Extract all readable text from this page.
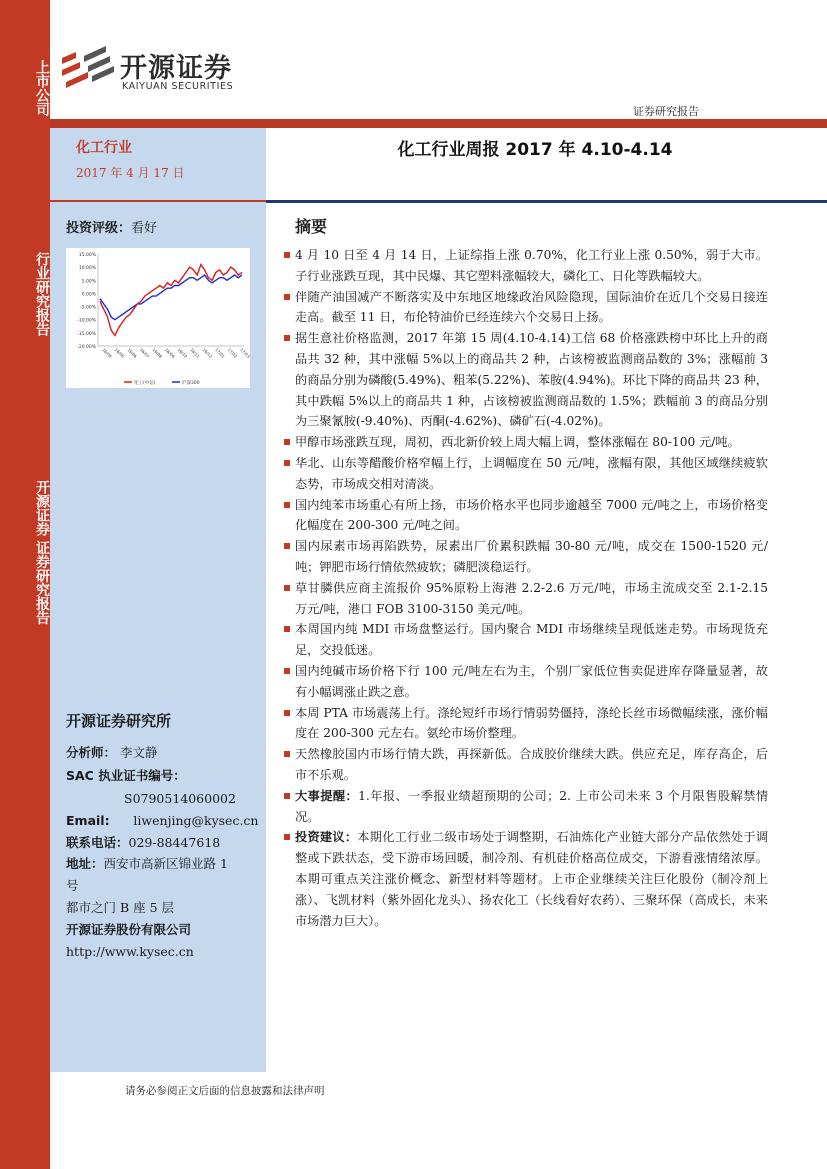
上市公司
行业研究报告
开源证券 证券研究报告
开源证券
KAIYUAN SECURITIES
证券研究报告
化工行业
2017 年 4 月 17 日
投资评级：看好
15.00%
10.00%
5.00%
0.00%
-5.00%
-10.00%
-15.00%
-20.00% 16/04 16/05 16/06 16/07 16/08 16/09 16/10 16/11 16/12 17/01 17/02 17/03
化工(中信)	沪深300
开源证券研究所
分析师： 李文静
SAC 执业证书编号：
S0790514060002
Email: liwenjing@kysec.cn
联系电话：029-88447618
地址：西安市高新区锦业路 1
号
都市之门 B 座 5 层
开源证券股份有限公司
http://www.kysec.cn
化工行业周报 2017 年 4.10-4.14
摘要
4 月 10 日至 4 月 14 日，上证综指上涨 0.70%，化工行业上涨 0.50%，弱于大市。子行业涨跌互现，其中民爆、其它塑料涨幅较大，磷化工、日化等跌幅较大。
伴随产油国减产不断落实及中东地区地缘政治风险隐现，国际油价在近几个交易日接连走高。截至 11 日，布伦特油价已经连续六个交易日上扬。
据生意社价格监测，2017 年第 15 周(4.10-4.14)工信 68 价格涨跌榜中环比上升的商品共 32 种，其中涨幅 5%以上的商品共 2 种，占该榜被监测商品数的 3%；涨幅前 3 的商品分别为磷酸(5.49%)、粗苯(5.22%)、苯胺(4.94%)。环比下降的商品共 23 种，其中跌幅 5%以上的商品共 1 种，占该榜被监测商品数的 1.5%；跌幅前 3 的商品分别为三聚氰胺(-9.40%)、丙酮(-4.62%)、磷矿石(-4.02%)。
甲醇市场涨跌互现，周初，西北新价较上周大幅上调，整体涨幅在 80-100 元/吨。
华北、山东等醋酸价格窄幅上行，上调幅度在 50 元/吨，涨幅有限，其他区域继续疲软态势，市场成交相对清淡。
国内纯苯市场重心有所上扬，市场价格水平也同步逾越至 7000 元/吨之上，市场价格变化幅度在 200-300 元/吨之间。
国内尿素市场再陷跌势，尿素出厂价累积跌幅 30-80 元/吨，成交在 1500-1520 元/吨；钾肥市场行情依然疲软；磷肥淡稳运行。
草甘膦供应商主流报价 95%原粉上海港 2.2-2.6 万元/吨，市场主流成交至 2.1-2.15 万元/吨，港口 FOB 3100-3150 美元/吨。
本周国内纯 MDI 市场盘整运行。国内聚合 MDI 市场继续呈现低迷走势。市场现货充足，交投低迷。
国内纯碱市场价格下行 100 元/吨左右为主，个别厂家低位售卖促进库存降量显著，故有小幅调涨止跌之意。
本周 PTA 市场震荡上行。涤纶短纤市场行情弱势僵持，涤纶长丝市场微幅续涨，涨价幅度在 200-300 元左右。氨纶市场价整理。
天然橡胶国内市场行情大跌，再探新低。合成胶价继续大跌。供应充足，库存高企，后市不乐观。
大事提醒：1.年报、一季报业绩超预期的公司；2. 上市公司未来 3 个月限售股解禁情况。
投资建议：本期化工行业二级市场处于调整期，石油炼化产业链大部分产品依然处于调整或下跌状态，受下游市场回暖，制冷剂、有机硅价格高位成交，下游看涨情绪浓厚。本期可重点关注涨价概念、新型材料等题材。上市企业继续关注巨化股份（制冷剂上涨）、飞凯材料（紫外固化龙头）、扬农化工（长线看好农药）、三聚环保（高成长，未来市场潜力巨大）。
请务必参阅正文后面的信息披露和法律声明
